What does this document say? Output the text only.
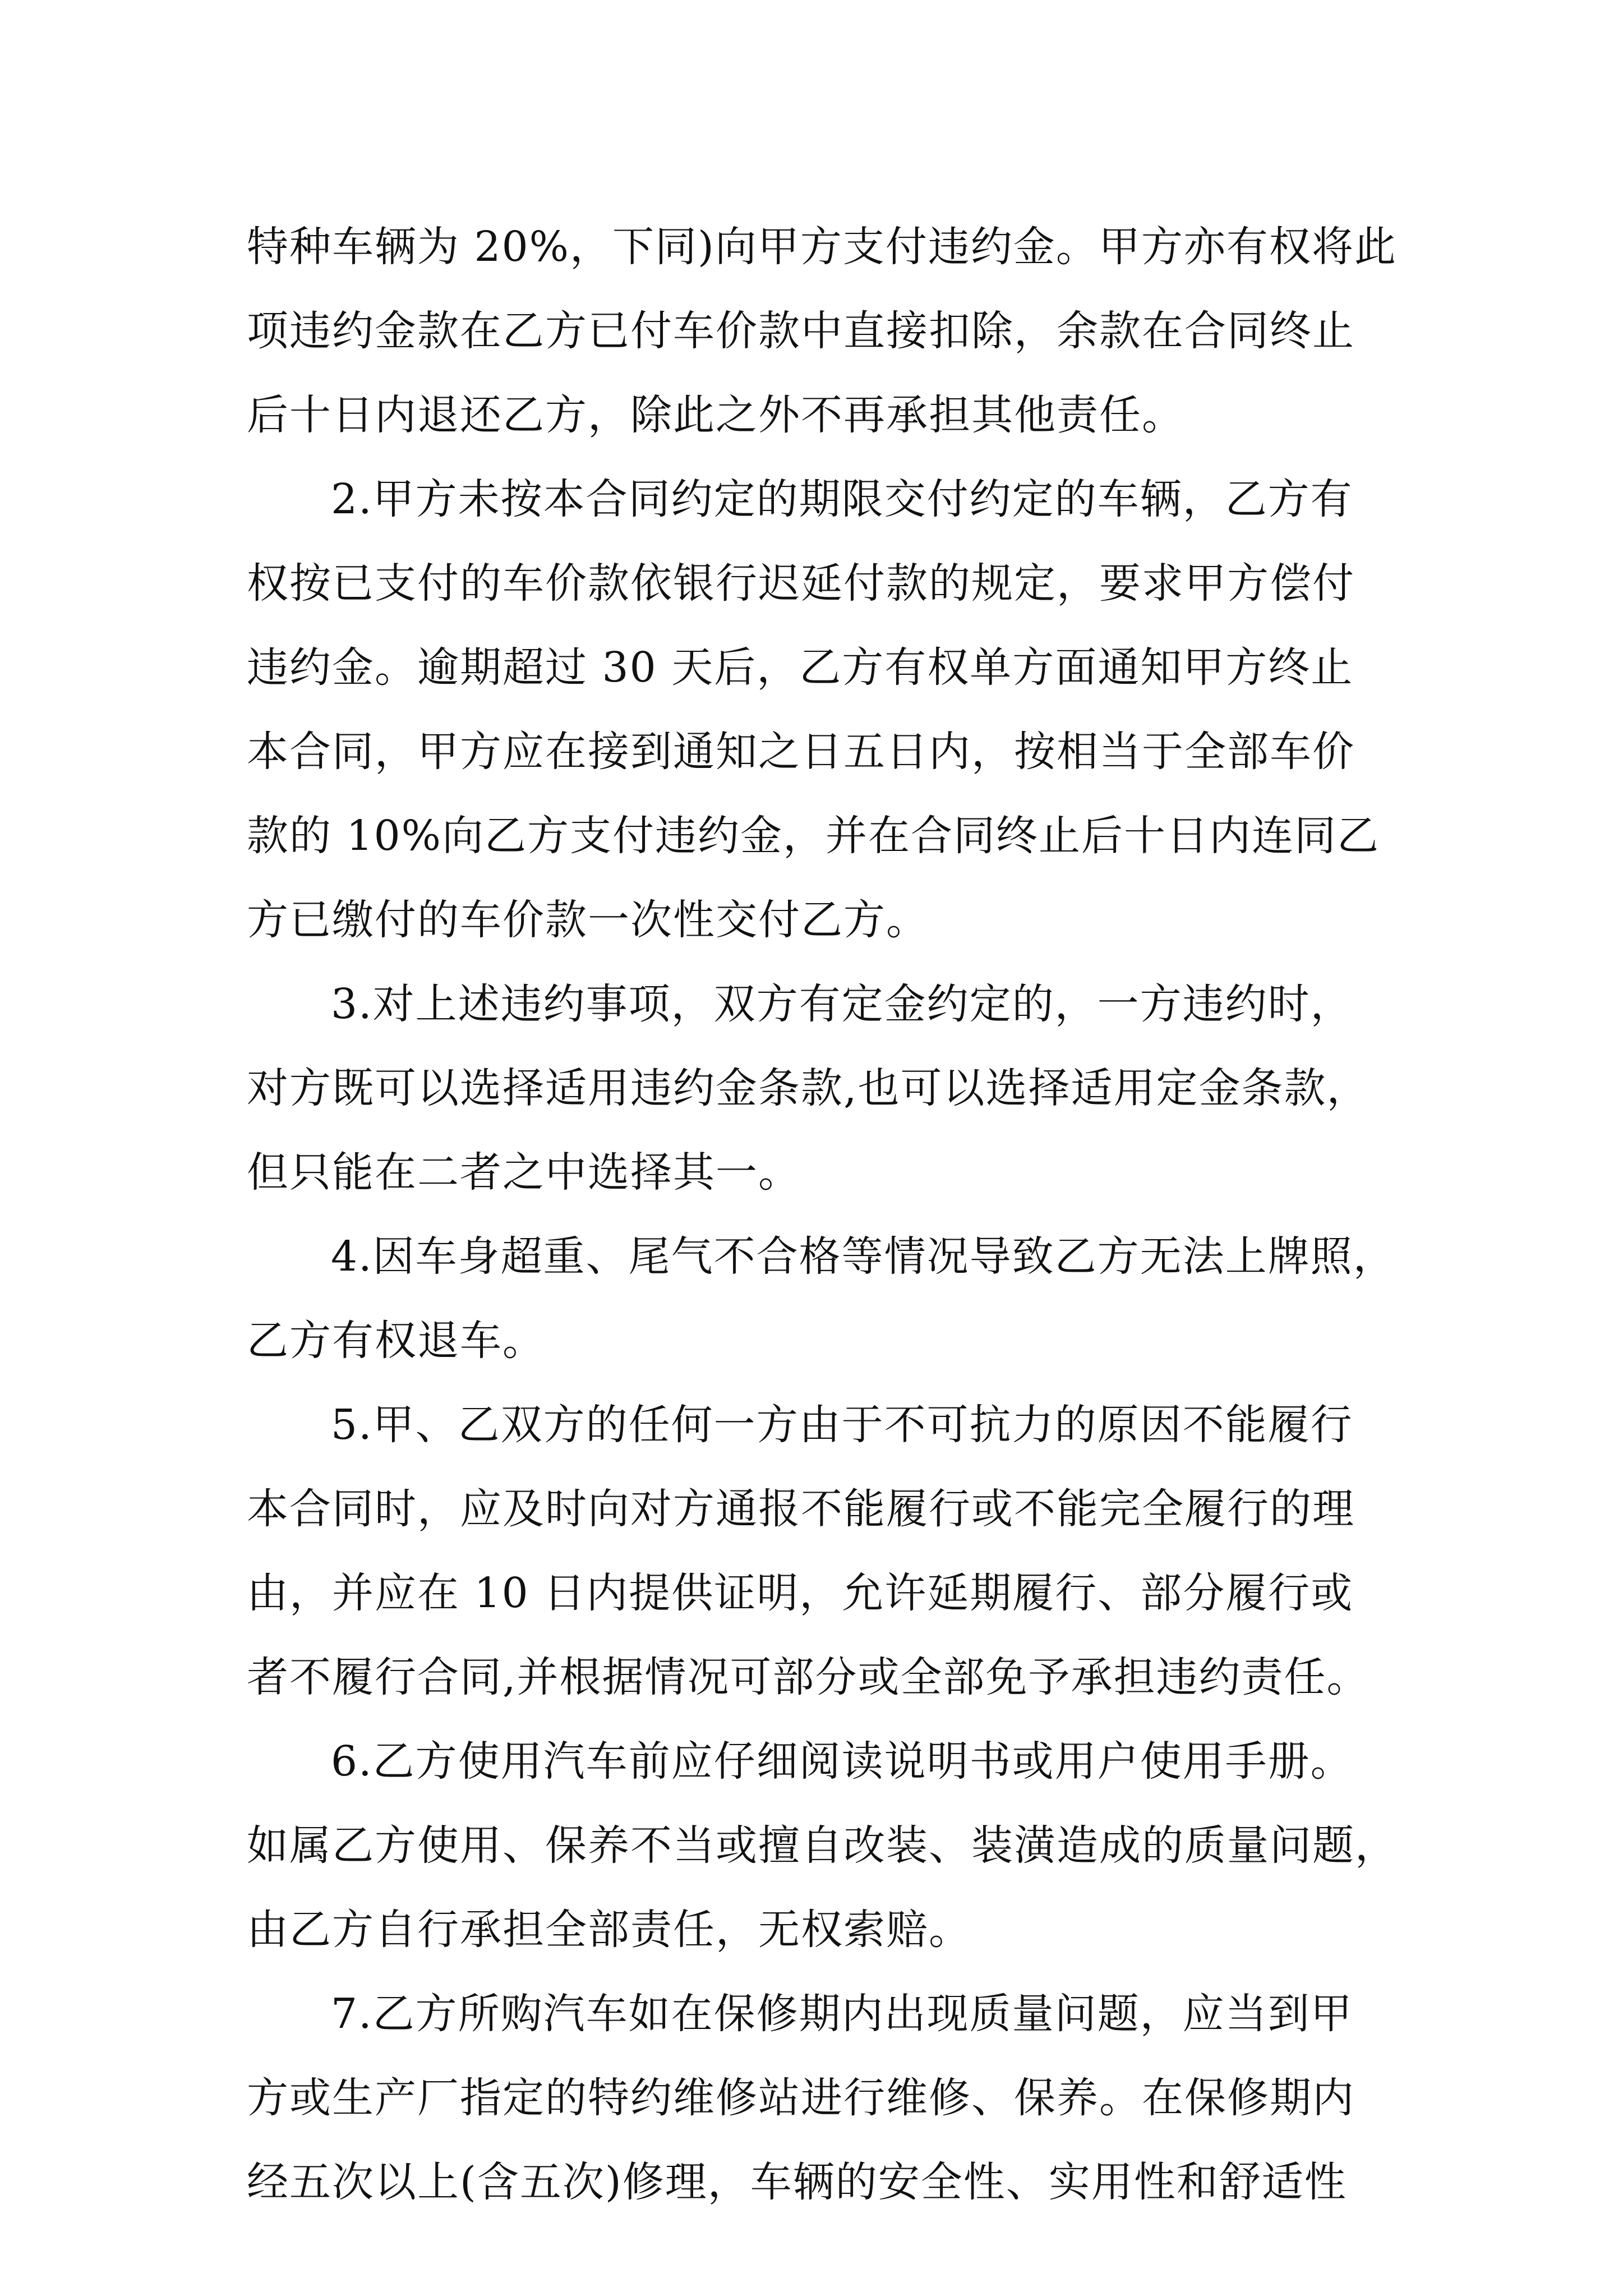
特种车辆为 20%，下同)向甲方支付违约金。甲方亦有权将此
项违约金款在乙方已付车价款中直接扣除，余款在合同终止
后十日内退还乙方，除此之外不再承担其他责任。
2.甲方未按本合同约定的期限交付约定的车辆，乙方有
权按已支付的车价款依银行迟延付款的规定，要求甲方偿付
违约金。逾期超过 30 天后，乙方有权单方面通知甲方终止
本合同，甲方应在接到通知之日五日内，按相当于全部车价
款的 10%向乙方支付违约金，并在合同终止后十日内连同乙
方已缴付的车价款一次性交付乙方。
3.对上述违约事项，双方有定金约定的，一方违约时，
对方既可以选择适用违约金条款,也可以选择适用定金条款，
但只能在二者之中选择其一。
4.因车身超重、尾气不合格等情况导致乙方无法上牌照，
乙方有权退车。
5.甲、乙双方的任何一方由于不可抗力的原因不能履行
本合同时，应及时向对方通报不能履行或不能完全履行的理
由，并应在 10 日内提供证明，允许延期履行、部分履行或
者不履行合同,并根据情况可部分或全部免予承担违约责任。
6.乙方使用汽车前应仔细阅读说明书或用户使用手册。
如属乙方使用、保养不当或擅自改装、装潢造成的质量问题，
由乙方自行承担全部责任，无权索赔。
7.乙方所购汽车如在保修期内出现质量问题，应当到甲
方或生产厂指定的特约维修站进行维修、保养。在保修期内
经五次以上(含五次)修理，车辆的安全性、实用性和舒适性
